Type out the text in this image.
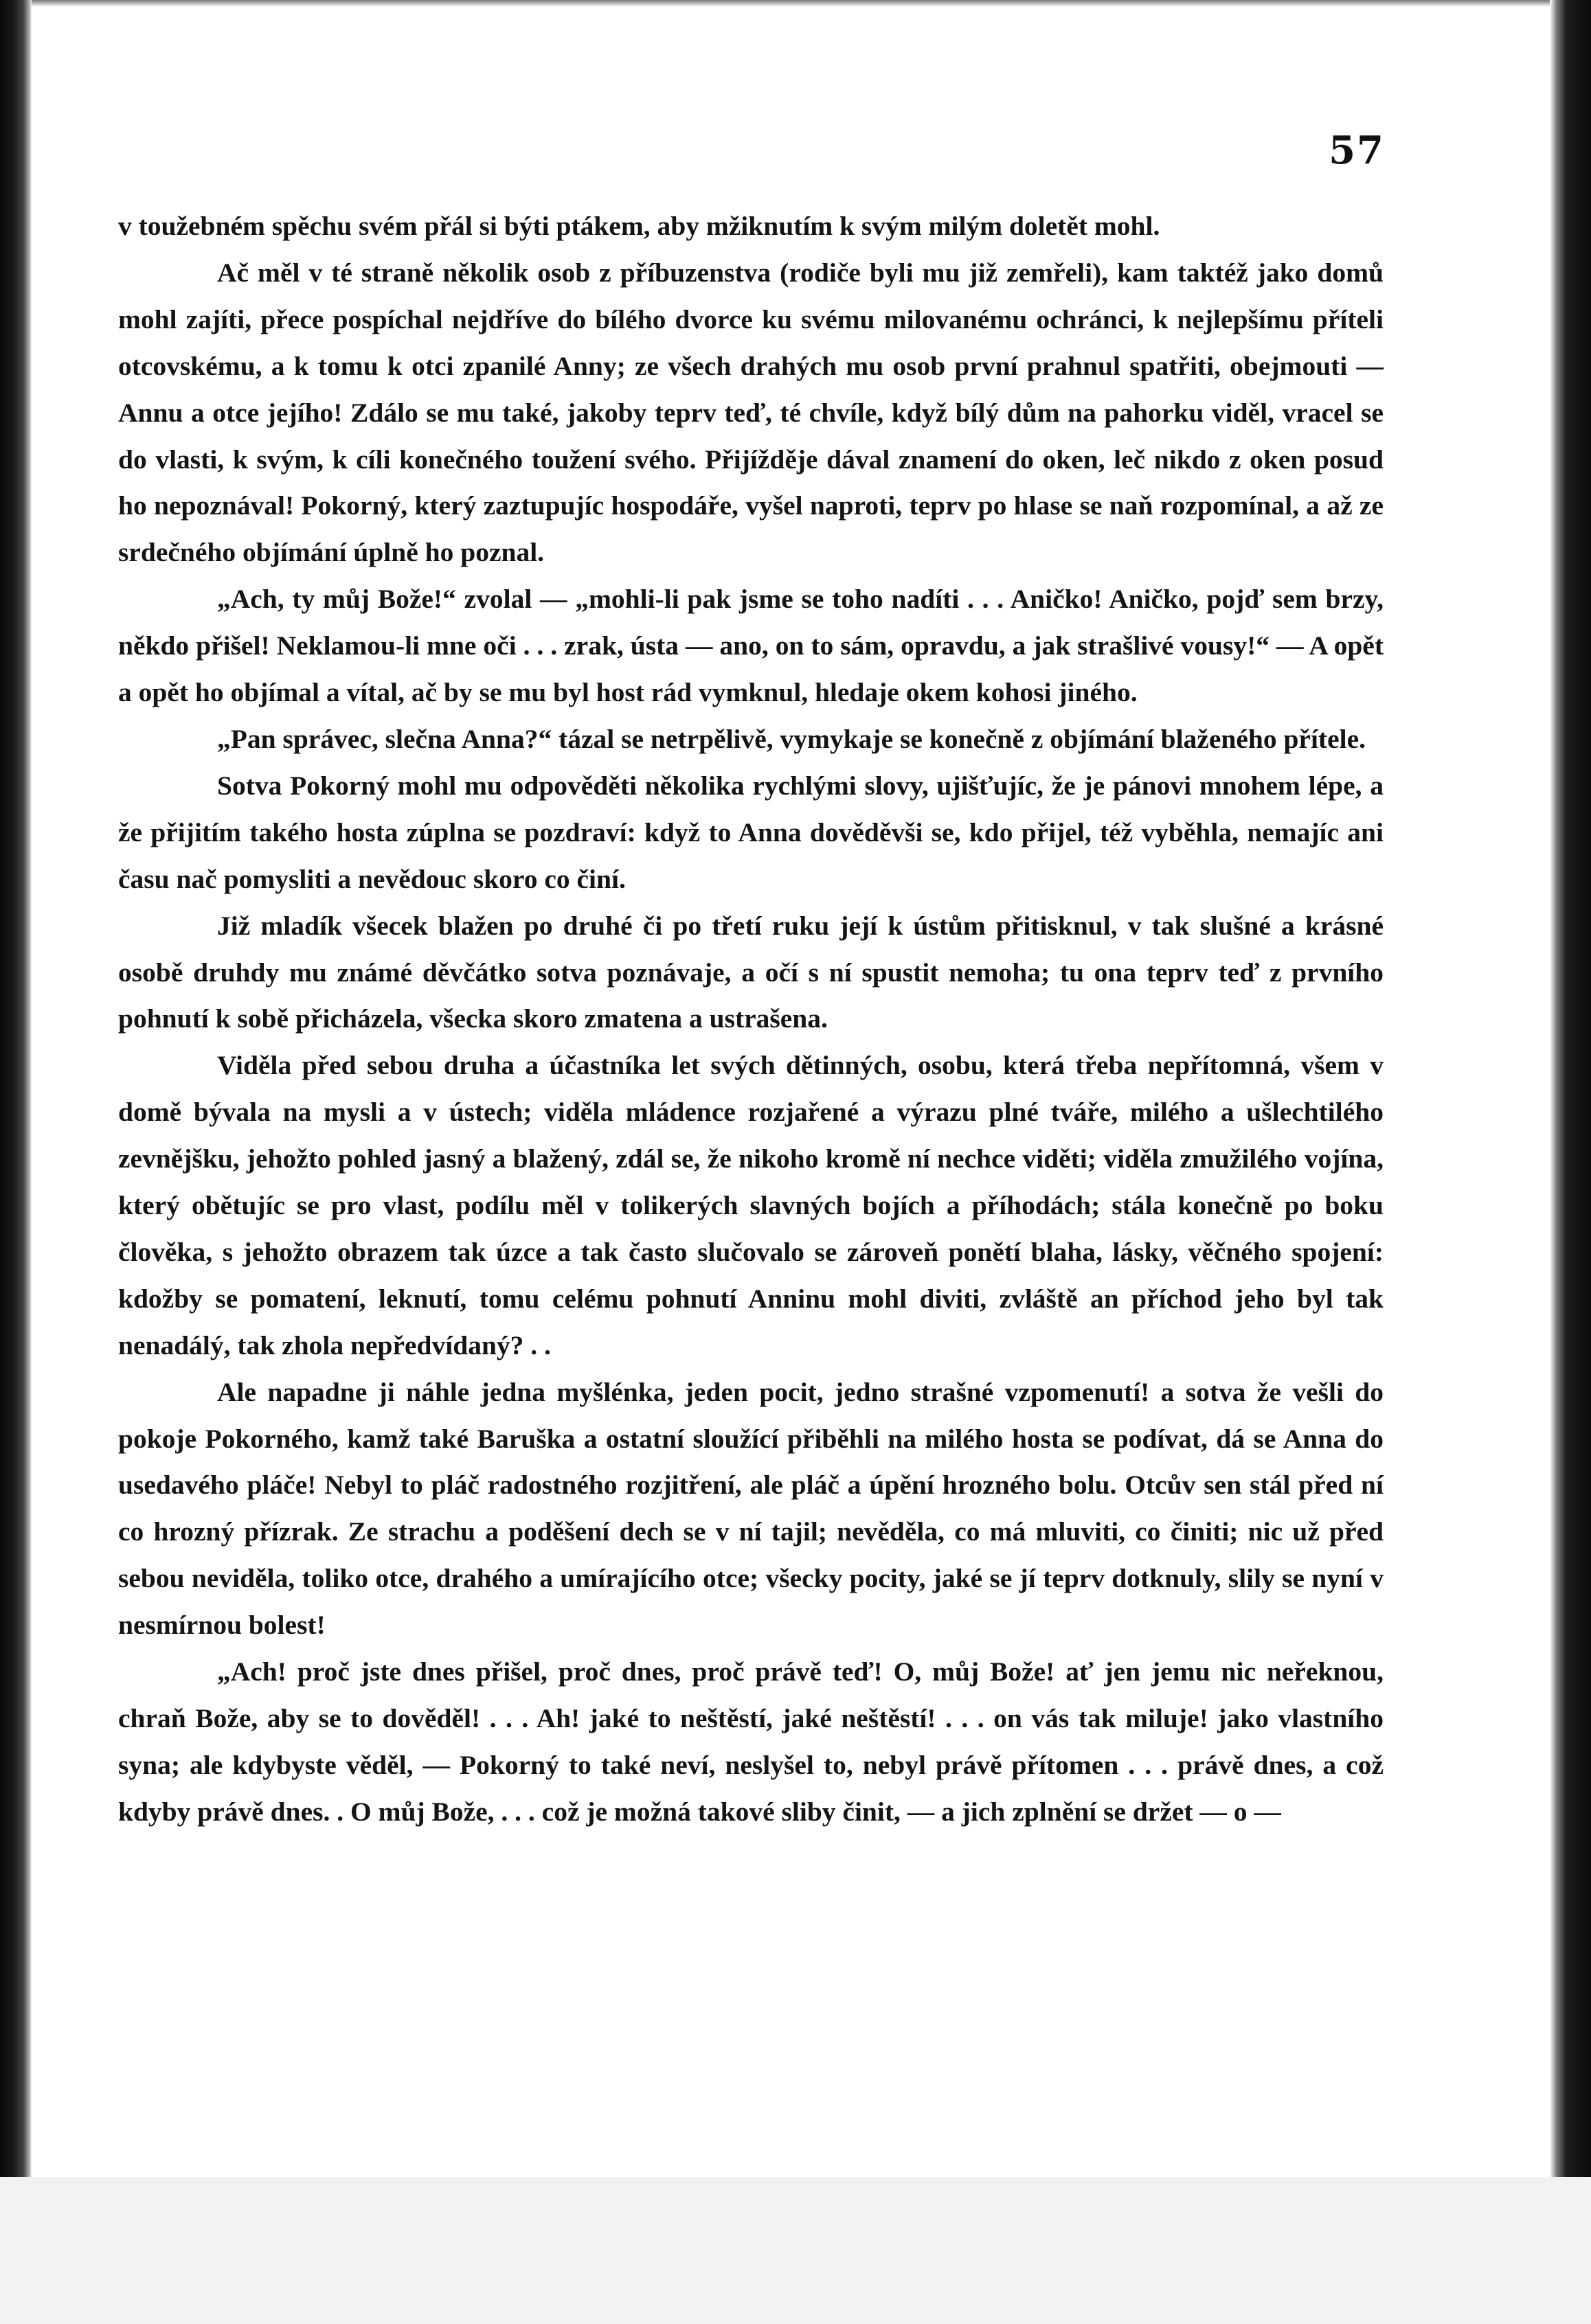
57

v toužebném spěchu svém přál si býti ptákem, aby mžiknutím k svým milým doletět mohl.

Ač měl v té straně několik osob z příbuzenstva (rodiče byli mu již zemřeli), kam taktéž jako domů mohl zajíti, přece pospíchal nejdříve do bílého dvorce ku svému milovanému ochránci, k nejlepšímu příteli otcovskému, a k tomu k otci zpanilé Anny; ze všech drahých mu osob první prahnul spatřiti, obejmouti — Annu a otce jejího! Zdálo se mu také, jakoby teprv teď, té chvíle, když bílý dům na pahorku viděl, vracel se do vlasti, k svým, k cíli konečného toužení svého. Přijížděje dával znamení do oken, leč nikdo z oken posud ho nepoznával! Pokorný, který zaztupujíc hospodáře, vyšel naproti, teprv po hlase se naň rozpomínal, a až ze srdečného objímání úplně ho poznal.

„Ach, ty můj Bože!“ zvolal — „mohli-li pak jsme se toho nadíti . . . Aničko! Aničko, pojď sem brzy, někdo přišel! Neklamou-li mne oči . . . zrak, ústa — ano, on to sám, opravdu, a jak strašlivé vousy!“ — A opět a opět ho objímal a vítal, ač by se mu byl host rád vymknul, hledaje okem kohosi jiného.

„Pan správec, slečna Anna?“ tázal se netrpělivě, vymykaje se konečně z objímání blaženého přítele.

Sotva Pokorný mohl mu odpověděti několika rychlými slovy, ujišťujíc, že je pánovi mnohem lépe, a že přijitím takého hosta zúplna se pozdraví: když to Anna dověděvši se, kdo přijel, též vyběhla, nemajíc ani času nač pomysliti a nevědouc skoro co činí.

Již mladík všecek blažen po druhé či po třetí ruku její k ústům přitisknul, v tak slušné a krásné osobě druhdy mu známé děvčátko sotva poznávaje, a očí s ní spustit nemoha; tu ona teprv teď z prvního pohnutí k sobě přicházela, všecka skoro zmatena a ustrašena.

Viděla před sebou druha a účastníka let svých dětinných, osobu, která třeba nepřítomná, všem v domě bývala na mysli a v ústech; viděla mládence rozjařené a výrazu plné tváře, milého a ušlechtilého zevnějšku, jehožto pohled jasný a blažený, zdál se, že nikoho kromě ní nechce viděti; viděla zmužilého vojína, který obětujíc se pro vlast, podílu měl v tolikerých slavných bojích a příhodách; stála konečně po boku člověka, s jehožto obrazem tak úzce a tak často slučovalo se zároveň ponětí blaha, lásky, věčného spojení: kdožby se pomatení, leknutí, tomu celému pohnutí Anninu mohl diviti, zvláště an příchod jeho byl tak nenadálý, tak zhola nepředvídaný? . .

Ale napadne ji náhle jedna myšlénka, jeden pocit, jedno strašné vzpomenutí! a sotva že vešli do pokoje Pokorného, kamž také Baruška a ostatní sloužící přiběhli na milého hosta se podívat, dá se Anna do usedavého pláče! Nebyl to pláč radostného rozjitření, ale pláč a úpění hrozného bolu. Otcův sen stál před ní co hrozný přízrak. Ze strachu a poděšení dech se v ní tajil; nevěděla, co má mluviti, co činiti; nic už před sebou neviděla, toliko otce, drahého a umírajícího otce; všecky pocity, jaké se jí teprv dotknuly, slily se nyní v nesmírnou bolest!

„Ach! proč jste dnes přišel, proč dnes, proč právě teď! O, můj Bože! ať jen jemu nic neřeknou, chraň Bože, aby se to dověděl! . . . Ah! jaké to neštěstí, jaké neštěstí! . . . on vás tak miluje! jako vlastního syna; ale kdybyste věděl, — Pokorný to také neví, neslyšel to, nebyl právě přítomen . . . právě dnes, a což kdyby právě dnes. . O můj Bože, . . . což je možná takové sliby činit, — a jich zplnění se držet — o —
